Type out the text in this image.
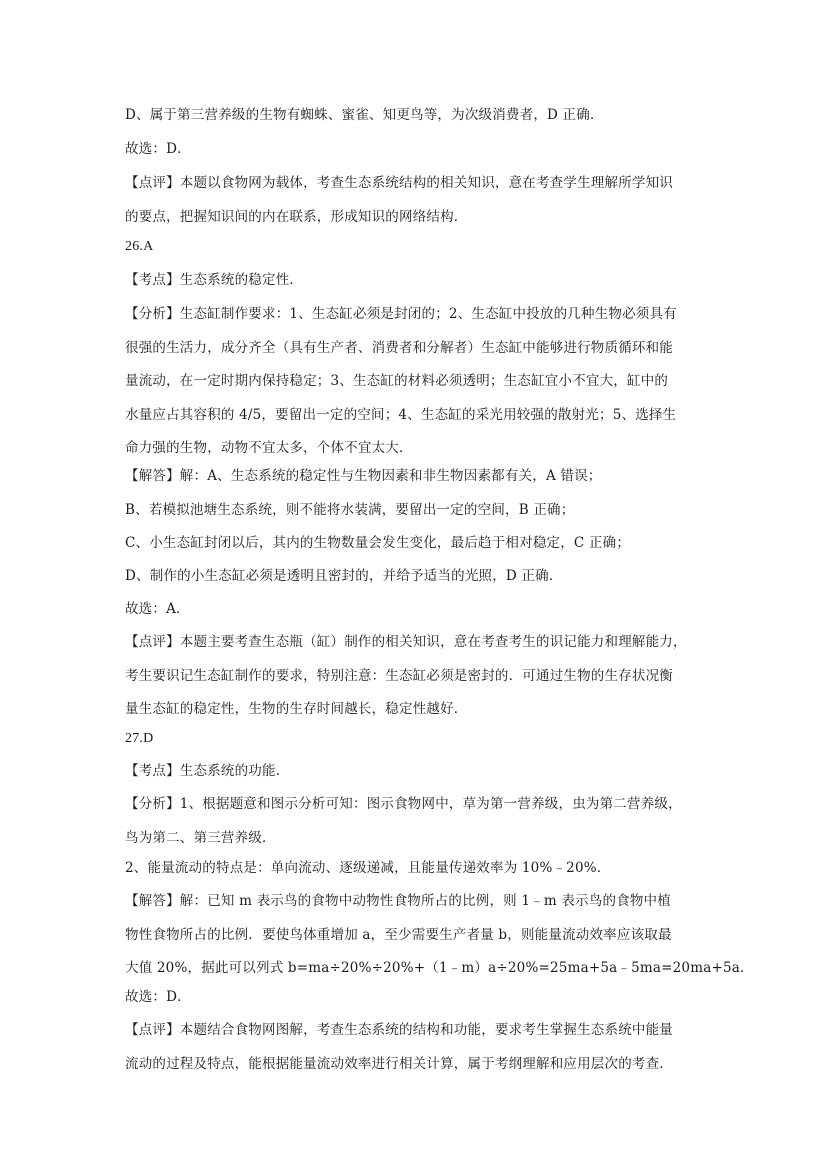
D、属于第三营养级的生物有蜘蛛、蜜雀、知更鸟等，为次级消费者，D 正确．
故选：D．
【点评】本题以食物网为载体，考查生态系统结构的相关知识，意在考查学生理解所学知识
的要点，把握知识间的内在联系，形成知识的网络结构．
26.A
【考点】生态系统的稳定性．
【分析】生态缸制作要求：1、生态缸必须是封闭的；2、生态缸中投放的几种生物必须具有
很强的生活力，成分齐全（具有生产者、消费者和分解者）生态缸中能够进行物质循环和能
量流动，在一定时期内保持稳定；3、生态缸的材料必须透明；生态缸宜小不宜大，缸中的
水量应占其容积的 4/5，要留出一定的空间；4、生态缸的采光用较强的散射光；5、选择生
命力强的生物，动物不宜太多，个体不宜太大．
【解答】解：A、生态系统的稳定性与生物因素和非生物因素都有关，A 错误；
B、若模拟池塘生态系统，则不能将水装满，要留出一定的空间，B 正确；
C、小生态缸封闭以后，其内的生物数量会发生变化，最后趋于相对稳定，C 正确；
D、制作的小生态缸必须是透明且密封的，并给予适当的光照，D 正确．
故选：A．
【点评】本题主要考查生态瓶（缸）制作的相关知识，意在考查考生的识记能力和理解能力，
考生要识记生态缸制作的要求，特别注意：生态缸必须是密封的．可通过生物的生存状况衡
量生态缸的稳定性，生物的生存时间越长，稳定性越好．
27.D
【考点】生态系统的功能．
【分析】1、根据题意和图示分析可知：图示食物网中，草为第一营养级，虫为第二营养级，
鸟为第二、第三营养级．
2、能量流动的特点是：单向流动、逐级递减，且能量传递效率为 10%﹣20%．
【解答】解：已知 m 表示鸟的食物中动物性食物所占的比例，则 1﹣m 表示鸟的食物中植
物性食物所占的比例．要使鸟体重增加 a，至少需要生产者量 b，则能量流动效率应该取最
大值 20%，据此可以列式 b=ma÷20%÷20%+（1﹣m）a÷20%=25ma+5a﹣5ma=20ma+5a．
故选：D．
【点评】本题结合食物网图解，考查生态系统的结构和功能，要求考生掌握生态系统中能量
流动的过程及特点，能根据能量流动效率进行相关计算，属于考纲理解和应用层次的考查．
